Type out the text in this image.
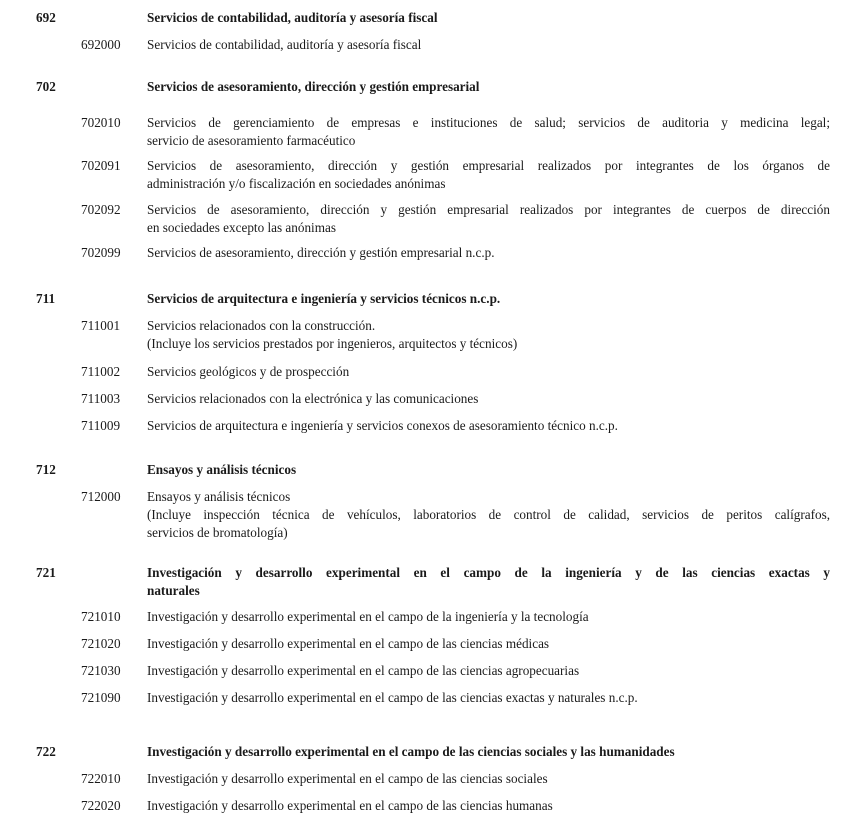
692	Servicios de contabilidad, auditoría y asesoría fiscal
692000 Servicios de contabilidad, auditoría y asesoría fiscal
702	Servicios de asesoramiento, dirección y gestión empresarial
702010 Servicios de gerenciamiento de empresas e instituciones de salud; servicios de auditoria y medicina legal;
servicio de asesoramiento farmacéutico
702091 Servicios de asesoramiento, dirección y gestión empresarial realizados por integrantes de los órganos de
administración y/o fiscalización en sociedades anónimas
702092 Servicios de asesoramiento, dirección y gestión empresarial realizados por integrantes de cuerpos de dirección
en sociedades excepto las anónimas
702099 Servicios de asesoramiento, dirección y gestión empresarial n.c.p.
711	Servicios de arquitectura e ingeniería y servicios técnicos n.c.p.
711001 Servicios relacionados con la construcción.
(Incluye los servicios prestados por ingenieros, arquitectos y técnicos)
711002 Servicios geológicos y de prospección
711003 Servicios relacionados con la electrónica y las comunicaciones
711009 Servicios de arquitectura e ingeniería y servicios conexos de asesoramiento técnico n.c.p.
712	Ensayos y análisis técnicos
712000 Ensayos y análisis técnicos
(Incluye inspección técnica de vehículos, laboratorios de control de calidad, servicios de peritos calígrafos,
servicios de bromatología)
721	Investigación y desarrollo experimental en el campo de la ingeniería y de las ciencias exactas y
naturales
721010 Investigación y desarrollo experimental en el campo de la ingeniería y la tecnología
721020 Investigación y desarrollo experimental en el campo de las ciencias médicas
721030 Investigación y desarrollo experimental en el campo de las ciencias agropecuarias
721090 Investigación y desarrollo experimental en el campo de las ciencias exactas y naturales n.c.p.
722	Investigación y desarrollo experimental en el campo de las ciencias sociales y las humanidades
722010 Investigación y desarrollo experimental en el campo de las ciencias sociales
722020 Investigación y desarrollo experimental en el campo de las ciencias humanas
